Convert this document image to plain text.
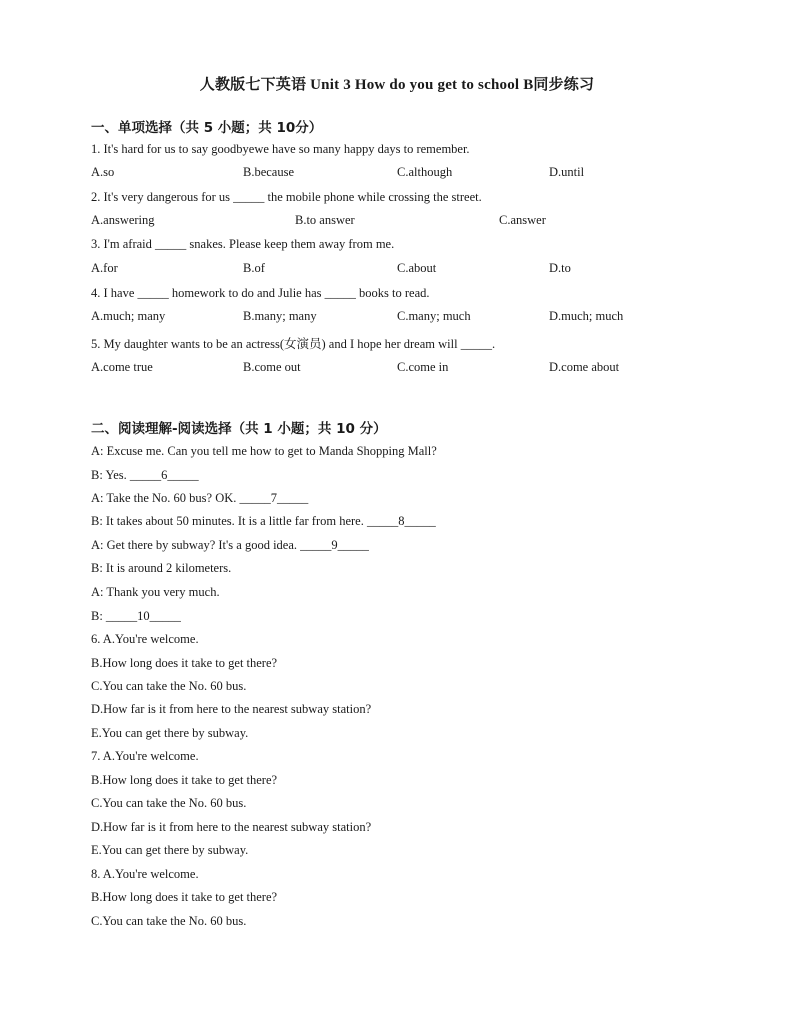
人教版七下英语 Unit 3 How do you get to school B同步练习
一、单项选择（共 5 小题；共 10分）
1. It's hard for us to say goodbyewe have so many happy days to remember.
A.so	B.because	C.although	D.until
2. It's very dangerous for us _____ the mobile phone while crossing the street.
A.answering	B.to answer	C.answer
3. I'm afraid _____ snakes. Please keep them away from me.
A.for	B.of	C.about	D.to
4. I have _____ homework to do and Julie has _____ books to read.
A.much; many	B.many; many	C.many; much	D.much; much
5. My daughter wants to be an actress(女演员) and I hope her dream will _____.
A.come true	B.come out	C.come in	D.come about
二、阅读理解-阅读选择（共 1 小题；共 10 分）
A: Excuse me. Can you tell me how to get to Manda Shopping Mall?
B: Yes. _____6_____
A: Take the No. 60 bus? OK. _____7_____
B: It takes about 50 minutes. It is a little far from here. _____8_____
A: Get there by subway? It's a good idea. _____9_____
B: It is around 2 kilometers.
A: Thank you very much.
B: _____10_____
6. A.You're welcome.
B.How long does it take to get there?
C.You can take the No. 60 bus.
D.How far is it from here to the nearest subway station?
E.You can get there by subway.
7. A.You're welcome.
B.How long does it take to get there?
C.You can take the No. 60 bus.
D.How far is it from here to the nearest subway station?
E.You can get there by subway.
8. A.You're welcome.
B.How long does it take to get there?
C.You can take the No. 60 bus.
